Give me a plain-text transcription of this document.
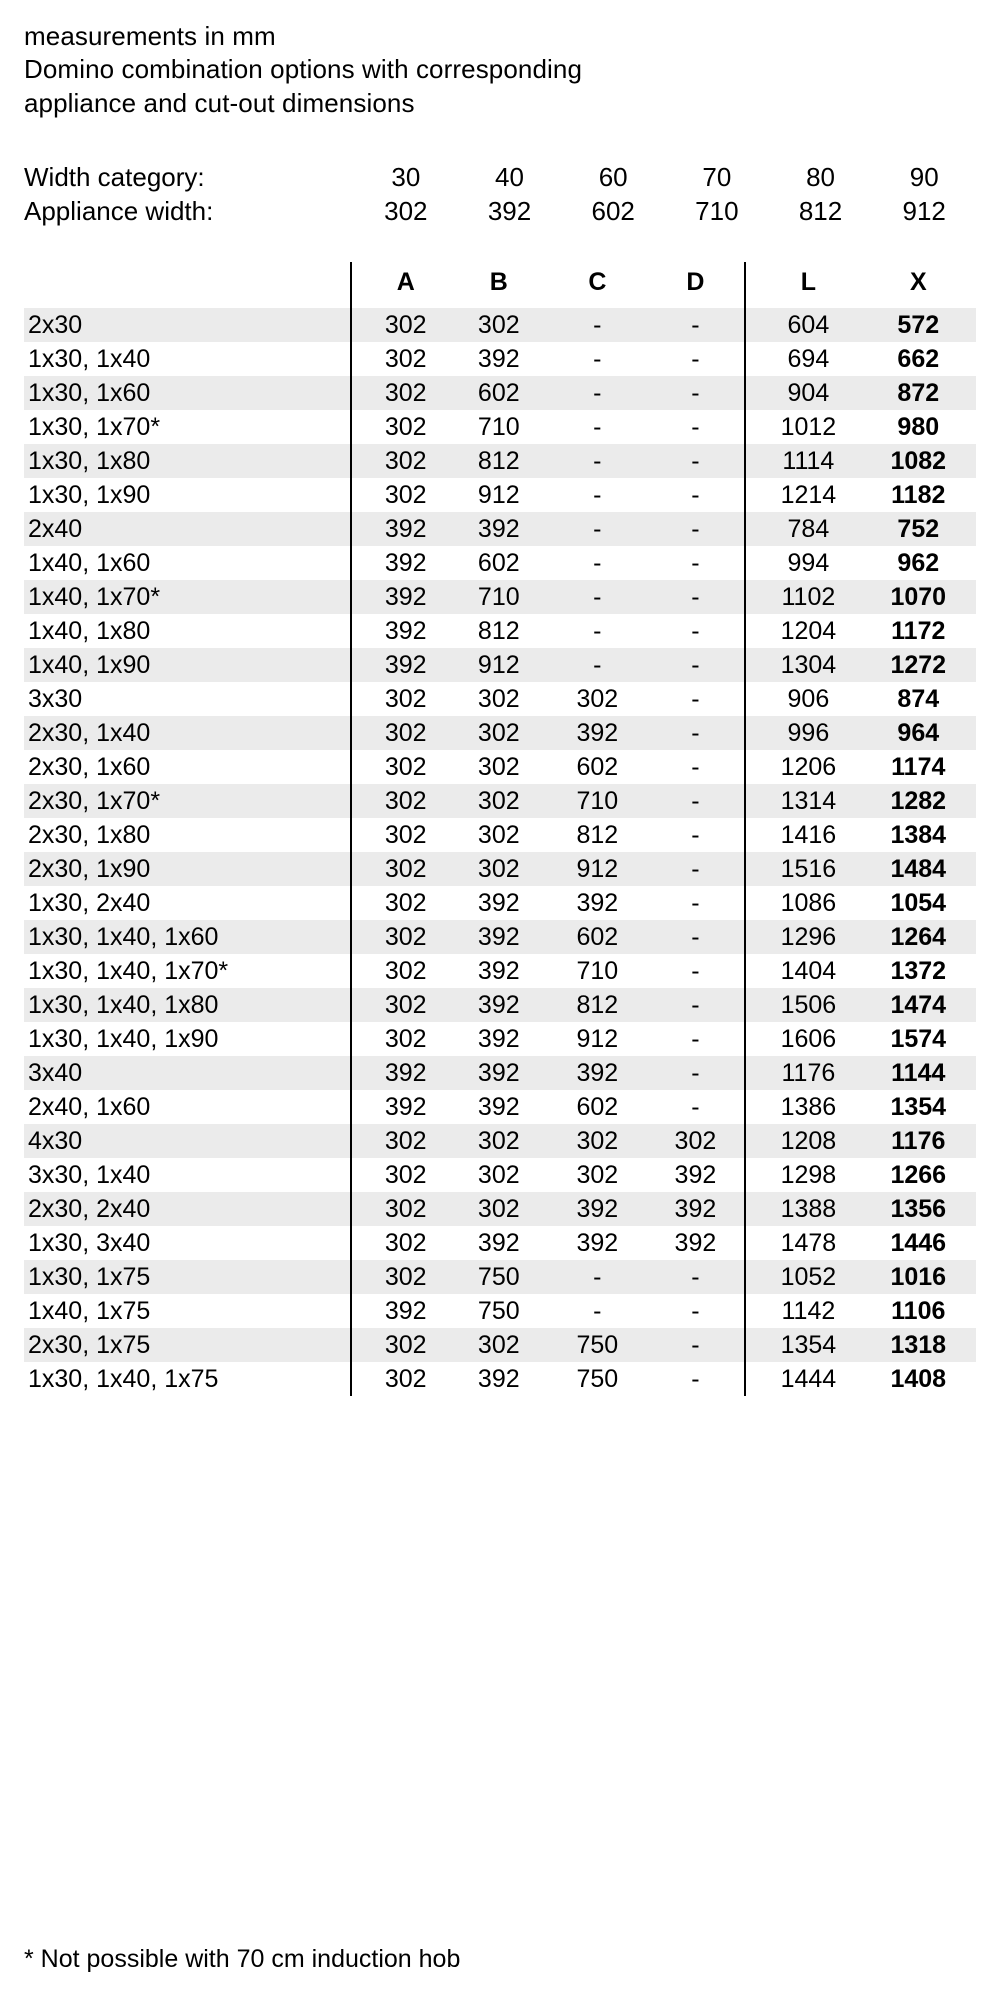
measurements in mm
Domino combination options with corresponding
appliance and cut-out dimensions
Width category:	30	40	60	70	80	90
Appliance width:	302	392	602	710	812	912
	A	B	C	D	L	X
2x30	302	302	-	-	604	572
1x30, 1x40	302	392	-	-	694	662
1x30, 1x60	302	602	-	-	904	872
1x30, 1x70*	302	710	-	-	1012	980
1x30, 1x80	302	812	-	-	1114	1082
1x30, 1x90	302	912	-	-	1214	1182
2x40	392	392	-	-	784	752
1x40, 1x60	392	602	-	-	994	962
1x40, 1x70*	392	710	-	-	1102	1070
1x40, 1x80	392	812	-	-	1204	1172
1x40, 1x90	392	912	-	-	1304	1272
3x30	302	302	302	-	906	874
2x30, 1x40	302	302	392	-	996	964
2x30, 1x60	302	302	602	-	1206	1174
2x30, 1x70*	302	302	710	-	1314	1282
2x30, 1x80	302	302	812	-	1416	1384
2x30, 1x90	302	302	912	-	1516	1484
1x30, 2x40	302	392	392	-	1086	1054
1x30, 1x40, 1x60	302	392	602	-	1296	1264
1x30, 1x40, 1x70*	302	392	710	-	1404	1372
1x30, 1x40, 1x80	302	392	812	-	1506	1474
1x30, 1x40, 1x90	302	392	912	-	1606	1574
3x40	392	392	392	-	1176	1144
2x40, 1x60	392	392	602	-	1386	1354
4x30	302	302	302	302	1208	1176
3x30, 1x40	302	302	302	392	1298	1266
2x30, 2x40	302	302	392	392	1388	1356
1x30, 3x40	302	392	392	392	1478	1446
1x30, 1x75	302	750	-	-	1052	1016
1x40, 1x75	392	750	-	-	1142	1106
2x30, 1x75	302	302	750	-	1354	1318
1x30, 1x40, 1x75	302	392	750	-	1444	1408
* Not possible with 70 cm induction hob
